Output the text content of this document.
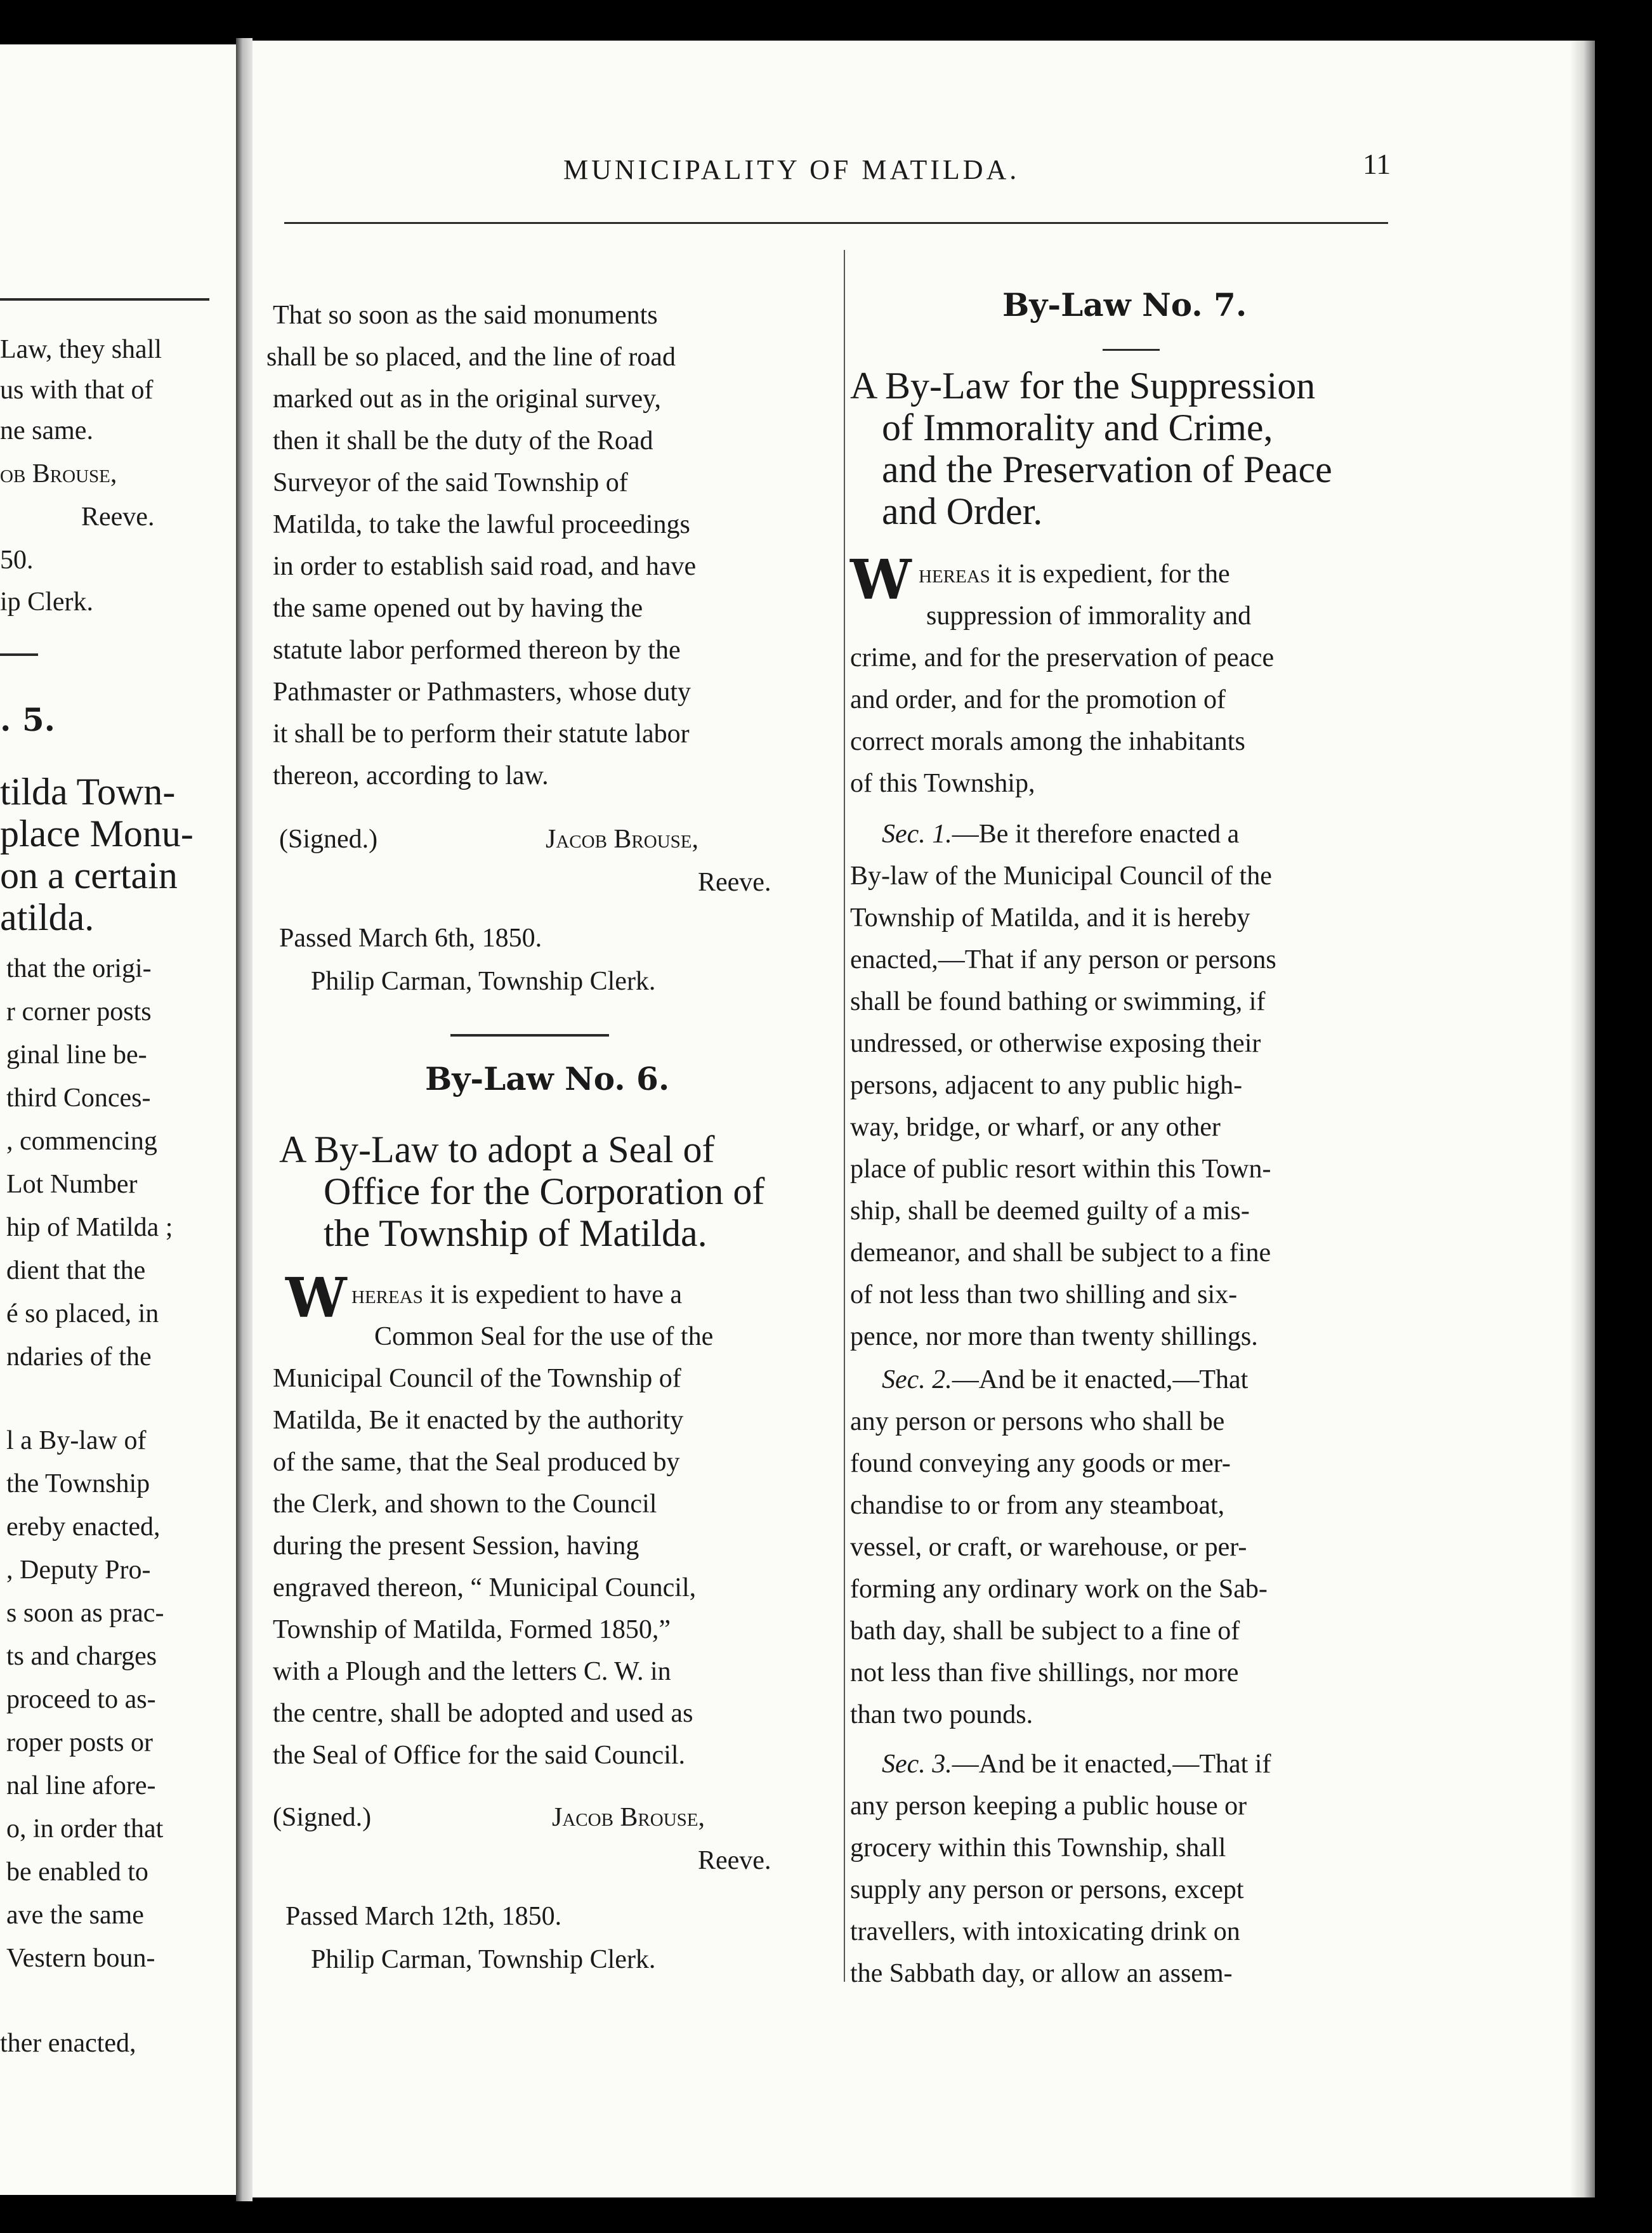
Law, they shall
us with that of
ne same.
ob Brouse,
Reeve.
50.
ip Clerk.
. 5.
tilda Town-
place Monu-
on a certain
atilda.
that the origi-
r corner posts
ginal line be-
third Conces-
, commencing
Lot Number
hip of Matilda ;
dient that the
é so placed, in
ndaries of the
l a By-law of
the Township
ereby enacted,
, Deputy Pro-
s soon as prac-
ts and charges
proceed to as-
roper posts or
nal line afore-
o, in order that
be enabled to
ave the same
Vestern boun-
ther enacted,
MUNICIPALITY OF MATILDA.	11
That so soon as the said monuments
shall be so placed, and the line of road
marked out as in the original survey,
then it shall be the duty of the Road
Surveyor of the said Township of
Matilda, to take the lawful proceedings
in order to establish said road, and have
the same opened out by having the
statute labor performed thereon by the
Pathmaster or Pathmasters, whose duty
it shall be to perform their statute labor
thereon, according to law.
(Signed.)	Jacob Brouse,
Reeve.
Passed March 6th, 1850.
Philip Carman, Township Clerk.
By-Law No. 6.
A By-Law to adopt a Seal of
Office for the Corporation of
the Township of Matilda.
W hereas it is expedient to have a
Common Seal for the use of the
Municipal Council of the Township of
Matilda, Be it enacted by the authority
of the same, that the Seal produced by
the Clerk, and shown to the Council
during the present Session, having
engraved thereon, “ Municipal Council,
Township of Matilda, Formed 1850,”
with a Plough and the letters C. W. in
the centre, shall be adopted and used as
the Seal of Office for the said Council.
(Signed.)	Jacob Brouse,
Reeve.
Passed March 12th, 1850.
Philip Carman, Township Clerk.
By-Law No. 7.
A By-Law for the Suppression
of Immorality and Crime,
and the Preservation of Peace
and Order.
W hereas it is expedient, for the
suppression of immorality and
crime, and for the preservation of peace
and order, and for the promotion of
correct morals among the inhabitants
of this Township,
Sec. 1.—Be it therefore enacted a
By-law of the Municipal Council of the
Township of Matilda, and it is hereby
enacted,—That if any person or persons
shall be found bathing or swimming, if
undressed, or otherwise exposing their
persons, adjacent to any public high-
way, bridge, or wharf, or any other
place of public resort within this Town-
ship, shall be deemed guilty of a mis-
demeanor, and shall be subject to a fine
of not less than two shilling and six-
pence, nor more than twenty shillings.
Sec. 2.—And be it enacted,—That
any person or persons who shall be
found conveying any goods or mer-
chandise to or from any steamboat,
vessel, or craft, or warehouse, or per-
forming any ordinary work on the Sab-
bath day, shall be subject to a fine of
not less than five shillings, nor more
than two pounds.
Sec. 3.—And be it enacted,—That if
any person keeping a public house or
grocery within this Township, shall
supply any person or persons, except
travellers, with intoxicating drink on
the Sabbath day, or allow an assem-
